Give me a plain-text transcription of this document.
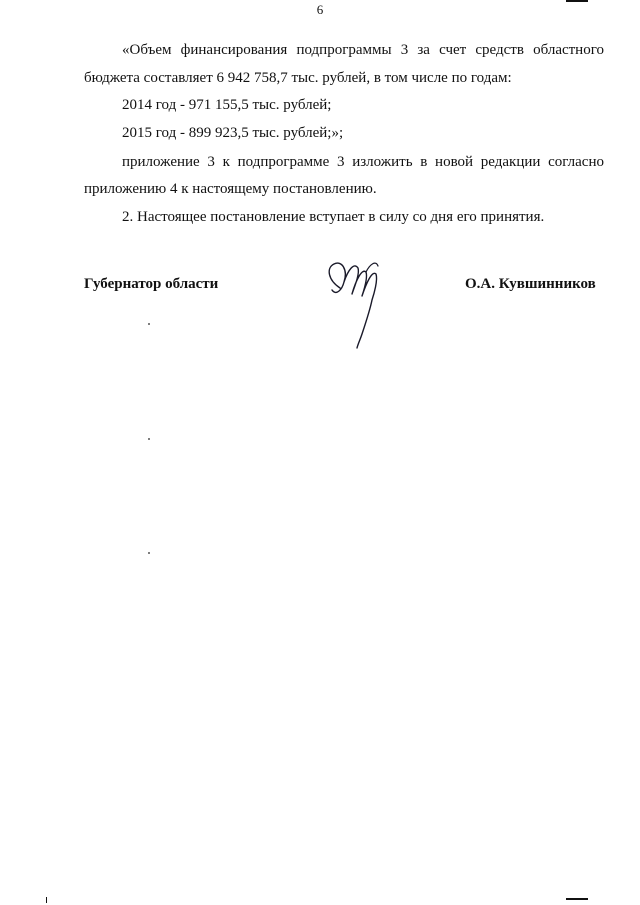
6

«Объем финансирования подпрограммы 3 за счет средств областного

бюджета составляет 6 942 758,7 тыс. рублей, в том числе по годам:

2014 год - 971 155,5 тыс. рублей;

2015 год - 899 923,5 тыс. рублей;»;

приложение 3 к подпрограмме 3 изложить в новой редакции согласно

приложению 4 к настоящему постановлению.

2. Настоящее постановление вступает в силу со дня его принятия.

Губернатор области	О.А. Кувшинников
